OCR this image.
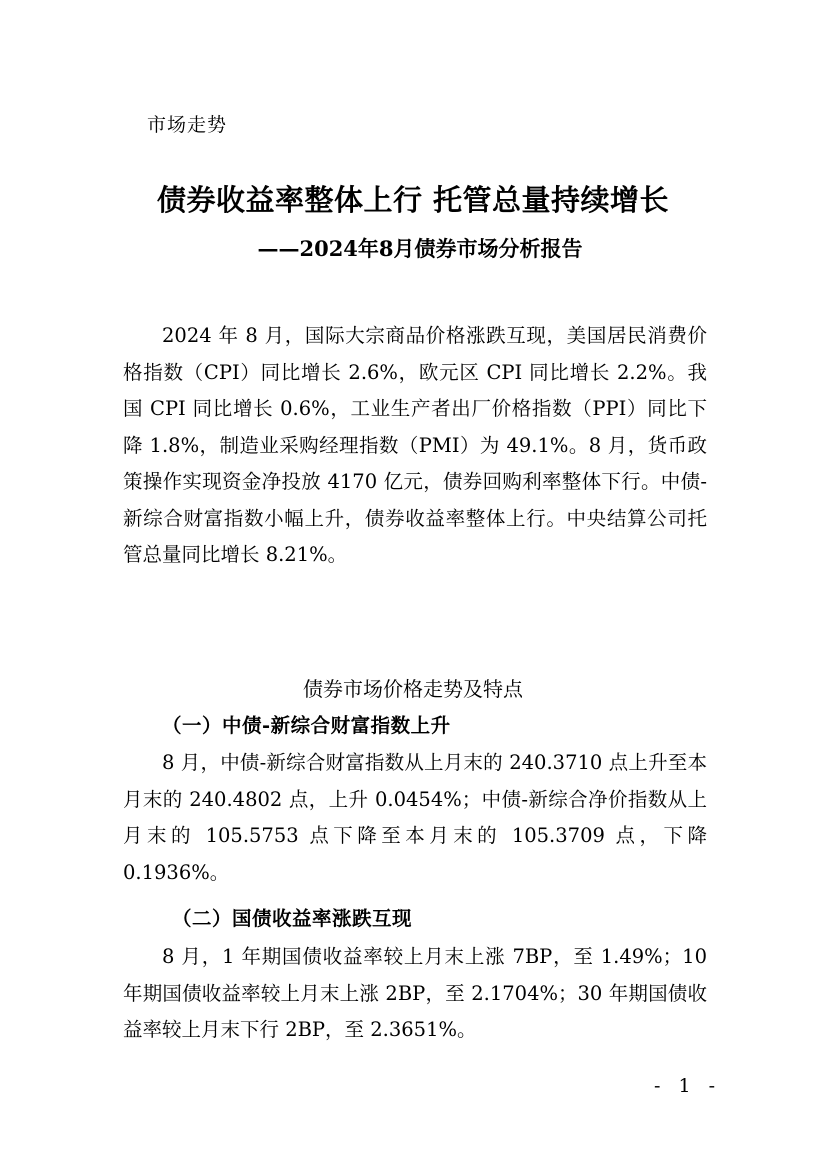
市场走势
债券收益率整体上行 托管总量持续增长
——2024年8月债券市场分析报告

2024 年 8 月，国际大宗商品价格涨跌互现，美国居民消费价格指数（CPI）同比增长 2.6%，欧元区 CPI 同比增长 2.2%。我国 CPI 同比增长 0.6%，工业生产者出厂价格指数（PPI）同比下降 1.8%，制造业采购经理指数（PMI）为 49.1%。8 月，货币政策操作实现资金净投放 4170 亿元，债券回购利率整体下行。中债-新综合财富指数小幅上升，债券收益率整体上行。中央结算公司托管总量同比增长 8.21%。

债券市场价格走势及特点
（一）中债-新综合财富指数上升

8 月，中债-新综合财富指数从上月末的 240.3710 点上升至本月末的 240.4802 点，上升 0.0454%；中债-新综合净价指数从上月末的 105.5753 点下降至本月末的 105.3709 点，下降 0.1936%。

（二）国债收益率涨跌互现

8 月，1 年期国债收益率较上月末上涨 7BP，至 1.49%；10 年期国债收益率较上月末上涨 2BP，至 2.1704%；30 年期国债收益率较上月末下行 2BP，至 2.3651%。

- 1 -
